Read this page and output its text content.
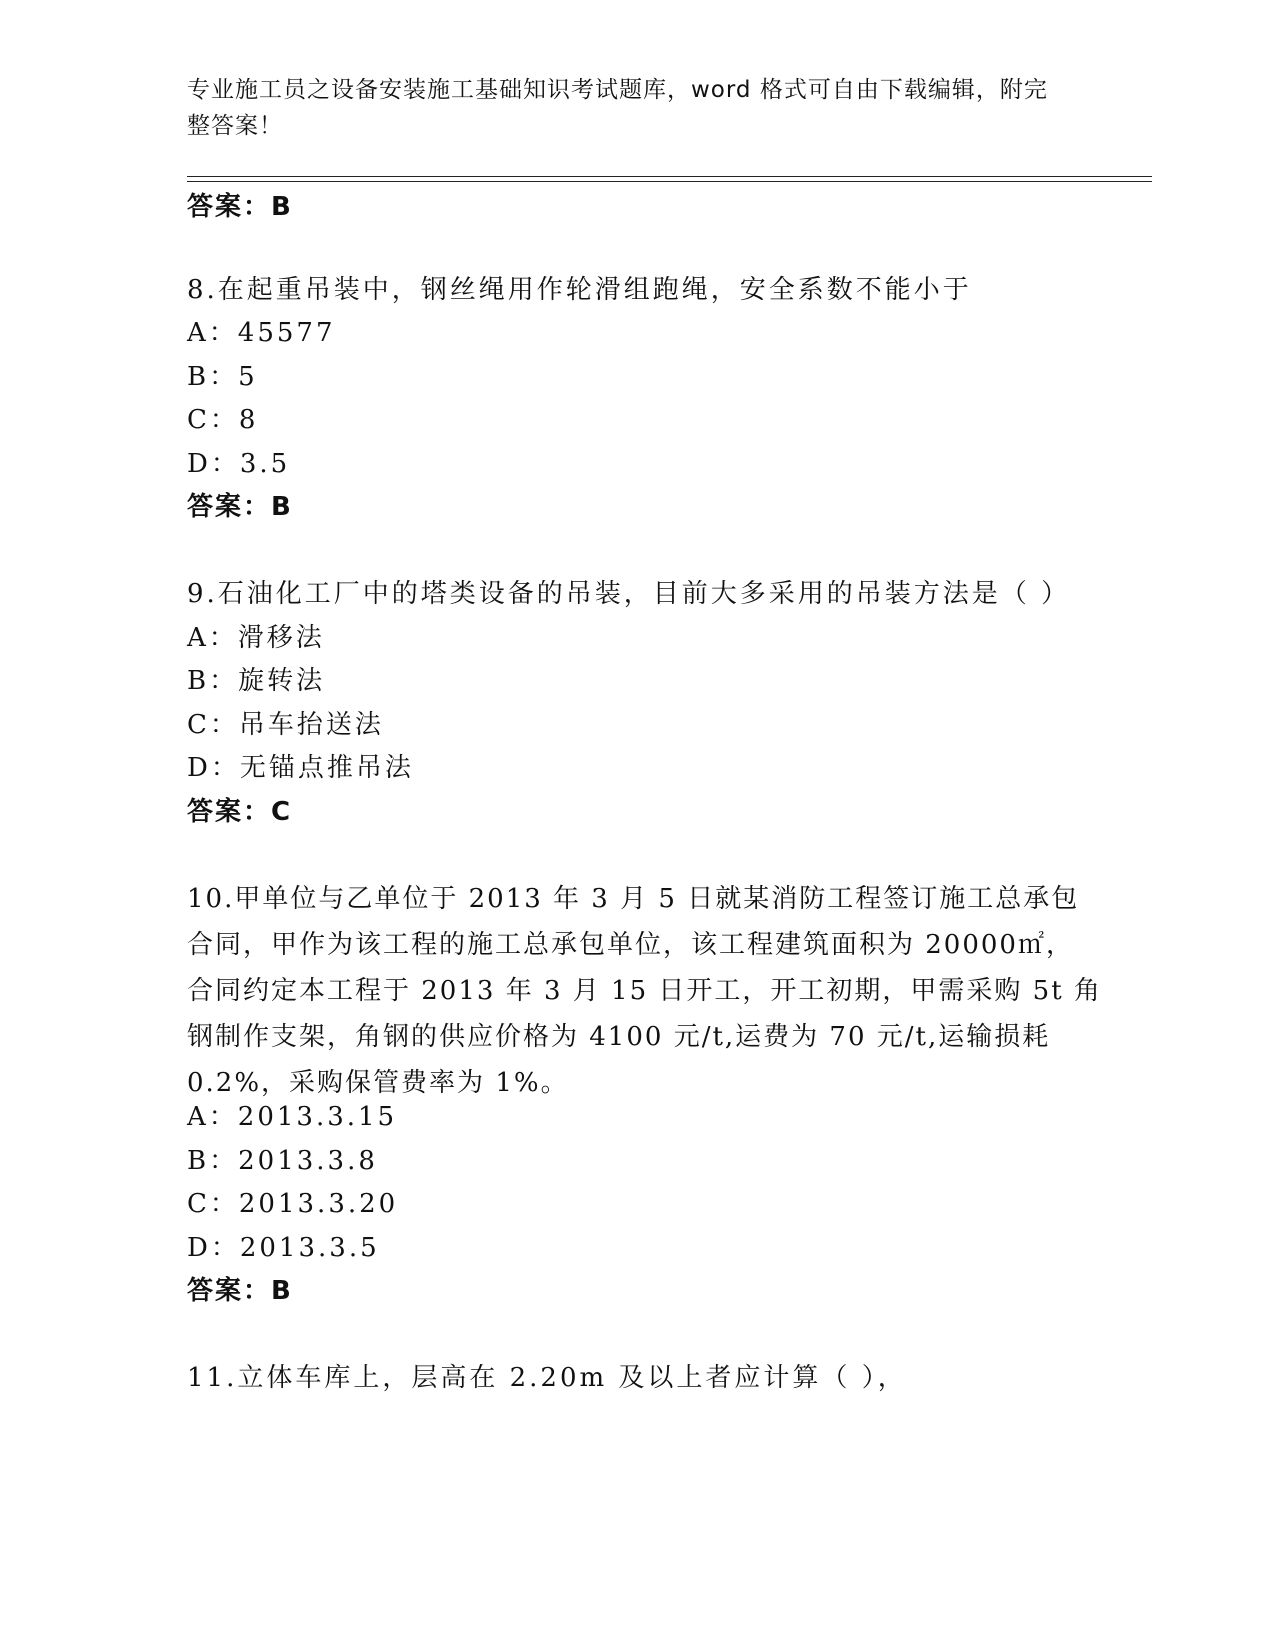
专业施工员之设备安装施工基础知识考试题库，word 格式可自由下载编辑，附完
整答案！
答案：B
8.在起重吊装中，钢丝绳用作轮滑组跑绳，安全系数不能小于
A：45577
B：5
C：8
D：3.5
答案：B
9.石油化工厂中的塔类设备的吊装，目前大多采用的吊装方法是（ ）
A：滑移法
B：旋转法
C：吊车抬送法
D：无锚点推吊法
答案：C
10.甲单位与乙单位于 2013 年 3 月 5 日就某消防工程签订施工总承包
合同，甲作为该工程的施工总承包单位，该工程建筑面积为 20000㎡，
合同约定本工程于 2013 年 3 月 15 日开工，开工初期，甲需采购 5t 角
钢制作支架，角钢的供应价格为 4100 元/t,运费为 70 元/t,运输损耗
0.2%，采购保管费率为 1%。
A：2013.3.15
B：2013.3.8
C：2013.3.20
D：2013.3.5
答案：B
11.立体车库上，层高在 2.20m 及以上者应计算（ ），
